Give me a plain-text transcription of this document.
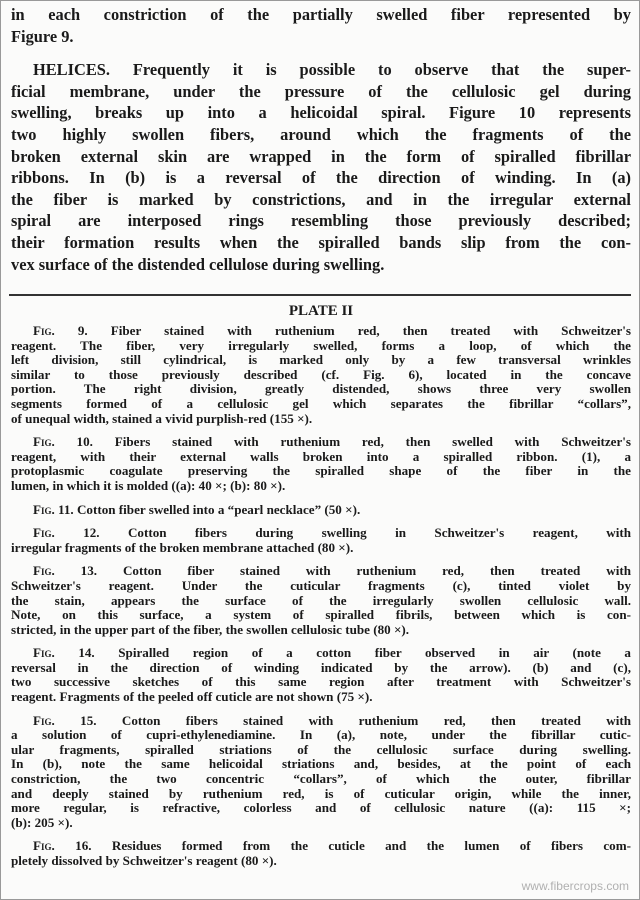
in each constriction of the partially swelled fiber represented by
Figure 9.
HELICES. Frequently it is possible to observe that the super-
ficial membrane, under the pressure of the cellulosic gel during
swelling, breaks up into a helicoidal spiral. Figure 10 represents
two highly swollen fibers, around which the fragments of the
broken external skin are wrapped in the form of spiralled fibrillar
ribbons. In (b) is a reversal of the direction of winding. In (a)
the fiber is marked by constrictions, and in the irregular external
spiral are interposed rings resembling those previously described;
their formation results when the spiralled bands slip from the con-
vex surface of the distended cellulose during swelling.
PLATE II
Fig. 9. Fiber stained with ruthenium red, then treated with Schweitzer's
reagent. The fiber, very irregularly swelled, forms a loop, of which the
left division, still cylindrical, is marked only by a few transversal wrinkles
similar to those previously described (cf. Fig. 6), located in the concave
portion. The right division, greatly distended, shows three very swollen
segments formed of a cellulosic gel which separates the fibrillar “collars”,
of unequal width, stained a vivid purplish-red (155 ×).
Fig. 10. Fibers stained with ruthenium red, then swelled with Schweitzer's
reagent, with their external walls broken into a spiralled ribbon. (1), a
protoplasmic coagulate preserving the spiralled shape of the fiber in the
lumen, in which it is molded ((a): 40 ×; (b): 80 ×).
Fig. 11. Cotton fiber swelled into a “pearl necklace” (50 ×).
Fig. 12. Cotton fibers during swelling in Schweitzer's reagent, with
irregular fragments of the broken membrane attached (80 ×).
Fig. 13. Cotton fiber stained with ruthenium red, then treated with
Schweitzer's reagent. Under the cuticular fragments (c), tinted violet by
the stain, appears the surface of the irregularly swollen cellulosic wall.
Note, on this surface, a system of spiralled fibrils, between which is con-
stricted, in the upper part of the fiber, the swollen cellulosic tube (80 ×).
Fig. 14. Spiralled region of a cotton fiber observed in air (note a
reversal in the direction of winding indicated by the arrow). (b) and (c),
two successive sketches of this same region after treatment with Schweitzer's
reagent. Fragments of the peeled off cuticle are not shown (75 ×).
Fig. 15. Cotton fibers stained with ruthenium red, then treated with
a solution of cupri-ethylenediamine. In (a), note, under the fibrillar cutic-
ular fragments, spiralled striations of the cellulosic surface during swelling.
In (b), note the same helicoidal striations and, besides, at the point of each
constriction, the two concentric “collars”, of which the outer, fibrillar
and deeply stained by ruthenium red, is of cuticular origin, while the inner,
more regular, is refractive, colorless and of cellulosic nature ((a): 115 ×;
(b): 205 ×).
Fig. 16. Residues formed from the cuticle and the lumen of fibers com-
pletely dissolved by Schweitzer's reagent (80 ×).
www.fibercrops.com
